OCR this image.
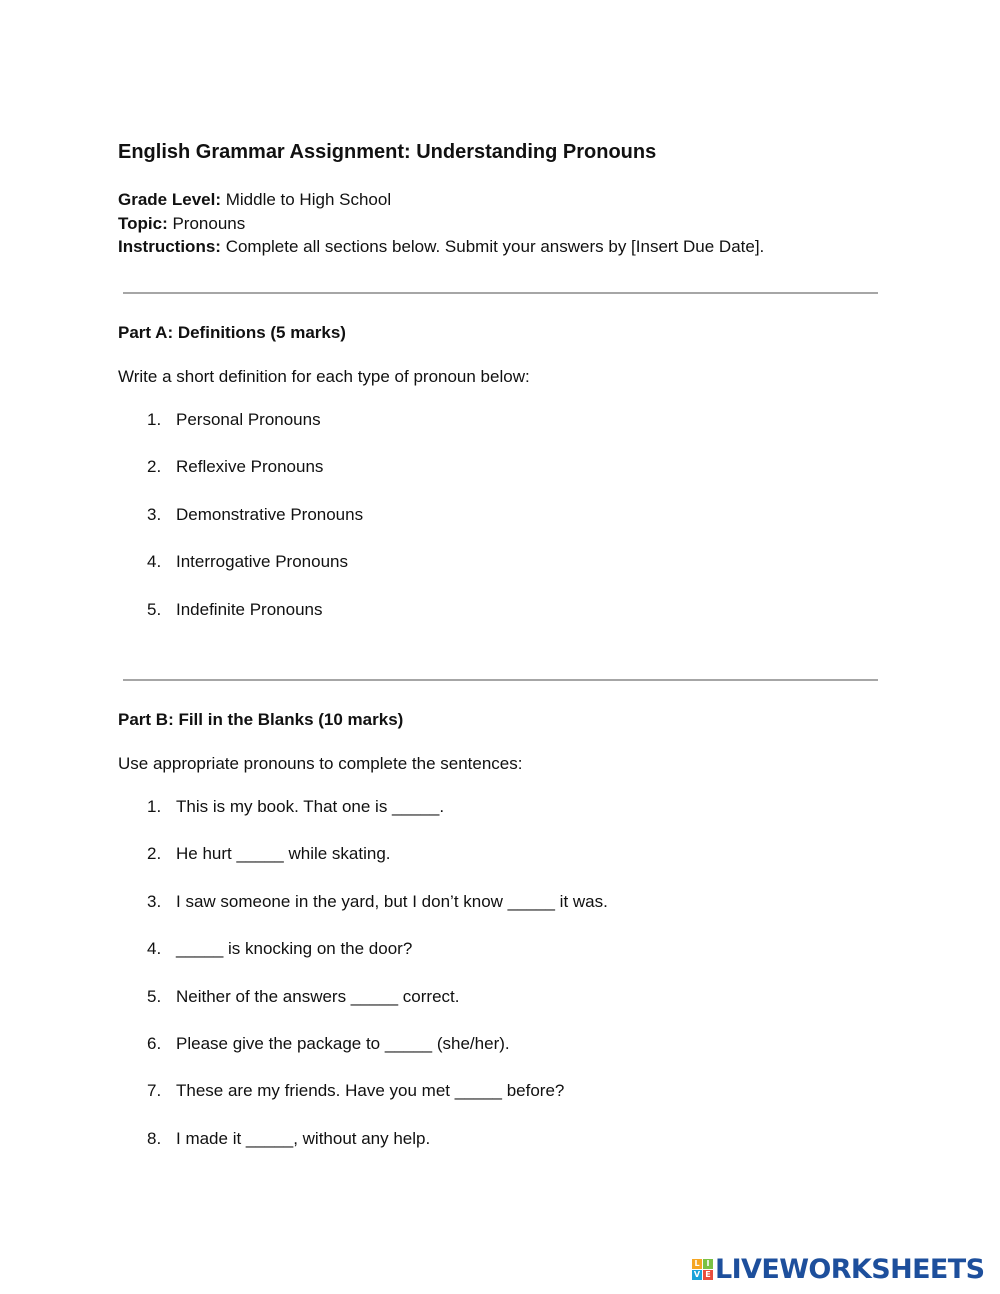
English Grammar Assignment: Understanding Pronouns
Grade Level: Middle to High School
Topic: Pronouns
Instructions: Complete all sections below. Submit your answers by [Insert Due Date].
Part A: Definitions (5 marks)
Write a short definition for each type of pronoun below:
1. Personal Pronouns
2. Reflexive Pronouns
3. Demonstrative Pronouns
4. Interrogative Pronouns
5. Indefinite Pronouns
Part B: Fill in the Blanks (10 marks)
Use appropriate pronouns to complete the sentences:
1. This is my book. That one is _____.
2. He hurt _____ while skating.
3. I saw someone in the yard, but I don’t know _____ it was.
4. _____ is knocking on the door?
5. Neither of the answers _____ correct.
6. Please give the package to _____ (she/her).
7. These are my friends. Have you met _____ before?
8. I made it _____, without any help.
L I
V E LIVEWORKSHEETS
